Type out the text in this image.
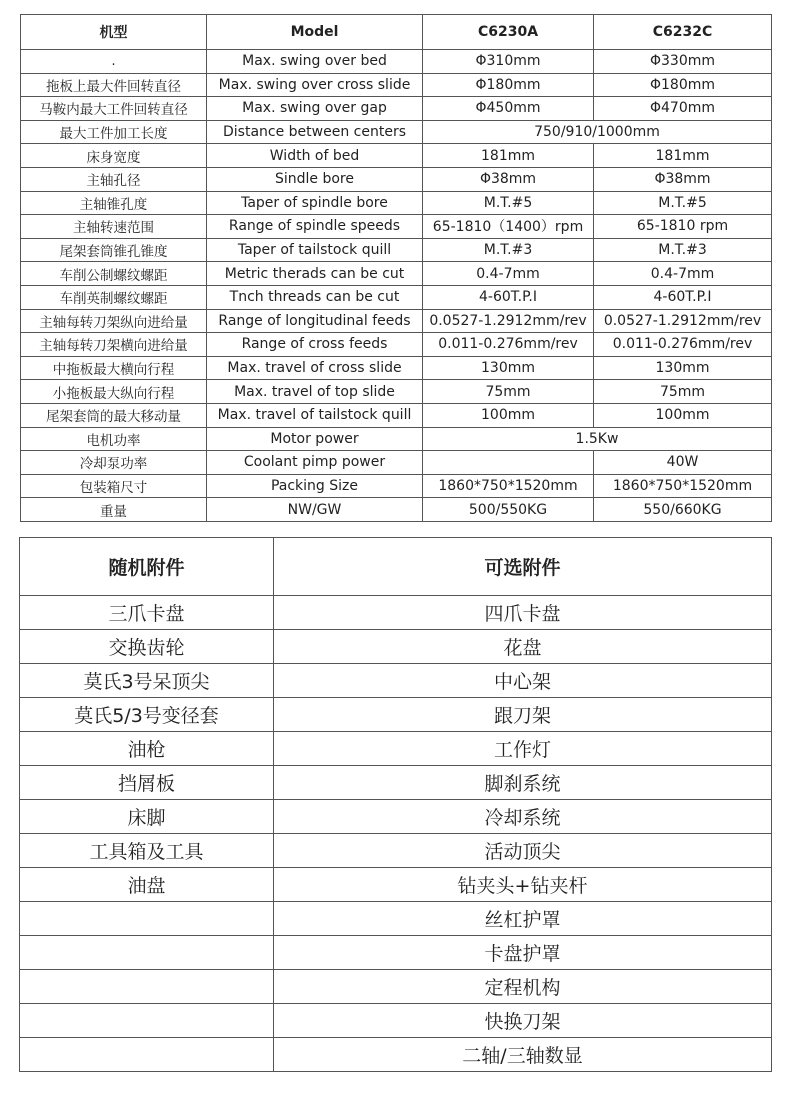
机型	Model	C6230A	C6232C
.	Max. swing over bed	Φ310mm	Φ330mm
拖板上最大件回转直径	Max. swing over cross slide	Φ180mm	Φ180mm
马鞍内最大工件回转直径	Max. swing over gap	Φ450mm	Φ470mm
最大工件加工长度	Distance between centers	750/910/1000mm	
床身宽度	Width of bed	181mm	181mm
主轴孔径	Sindle bore	Φ38mm	Φ38mm
主轴锥孔度	Taper of spindle bore	M.T.#5	M.T.#5
主轴转速范围	Range of spindle speeds	65-1810（1400）rpm	65-1810 rpm
尾架套筒锥孔锥度	Taper of tailstock quill	M.T.#3	M.T.#3
车削公制螺纹螺距	Metric therads can be cut	0.4-7mm	0.4-7mm
车削英制螺纹螺距	Tnch threads can be cut	4-60T.P.I	4-60T.P.I
主轴每转刀架纵向进给量	Range of longitudinal feeds	0.0527-1.2912mm/rev	0.0527-1.2912mm/rev
主轴每转刀架横向进给量	Range of cross feeds	0.011-0.276mm/rev	0.011-0.276mm/rev
中拖板最大横向行程	Max. travel of cross slide	130mm	130mm
小拖板最大纵向行程	Max. travel of top slide	75mm	75mm
尾架套筒的最大移动量	Max. travel of tailstock quill	100mm	100mm
电机功率	Motor power	1.5Kw	
冷却泵功率	Coolant pimp power		40W
包装箱尺寸	Packing Size	1860*750*1520mm	1860*750*1520mm
重量	NW/GW	500/550KG	550/660KG
随机附件	可选附件
三爪卡盘	四爪卡盘
交换齿轮	花盘
莫氏3号呆顶尖	中心架
莫氏5/3号变径套	跟刀架
油枪	工作灯
挡屑板	脚刹系统
床脚	冷却系统
工具箱及工具	活动顶尖
油盘	钻夹头+钻夹杆
	丝杠护罩
	卡盘护罩
	定程机构
	快换刀架
	二轴/三轴数显
